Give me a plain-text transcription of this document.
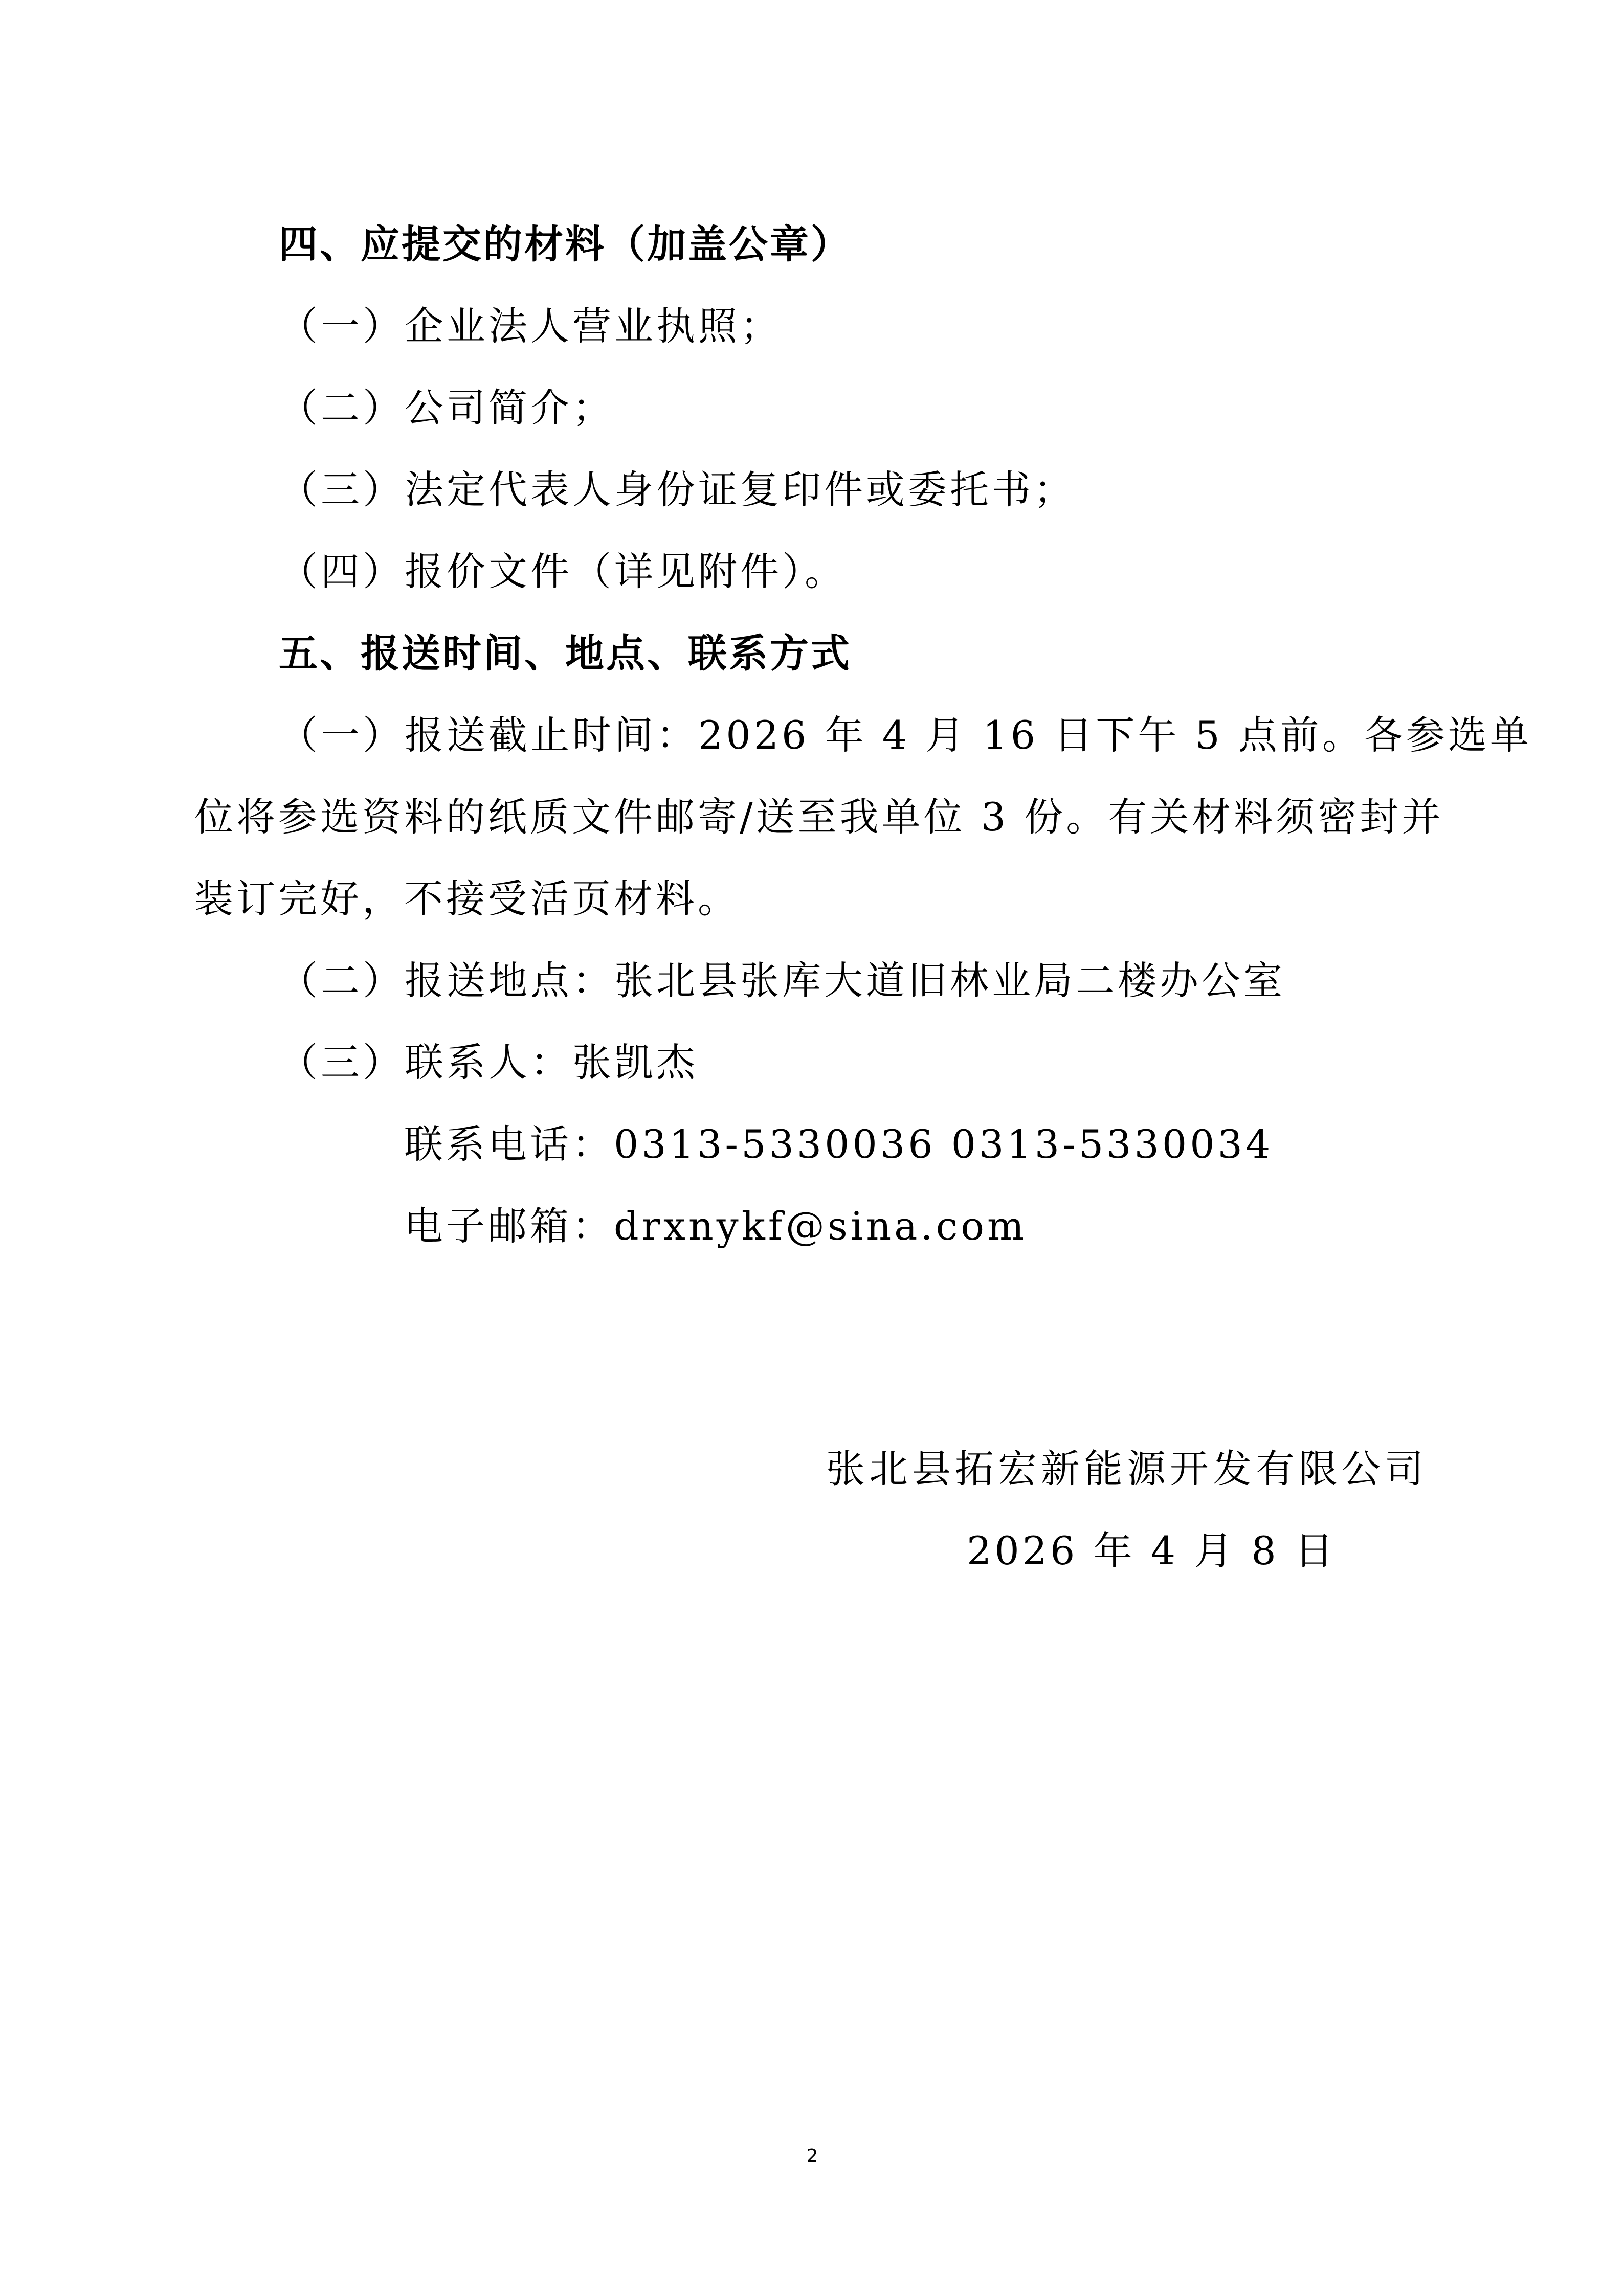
四、应提交的材料（加盖公章）
（一）企业法人营业执照；
（二）公司简介；
（三）法定代表人身份证复印件或委托书；
（四）报价文件（详见附件）。
五、报送时间、地点、联系方式
（一）报送截止时间：2026 年 4 月 16 日下午 5 点前。各参选单
位将参选资料的纸质文件邮寄/送至我单位 3 份。有关材料须密封并
装订完好，不接受活页材料。
（二）报送地点：张北县张库大道旧林业局二楼办公室
（三）联系人：张凯杰
联系电话：0313-5330036 0313-5330034
电子邮箱：drxnykf@sina.com
张北县拓宏新能源开发有限公司
2026 年 4 月 8 日
2
